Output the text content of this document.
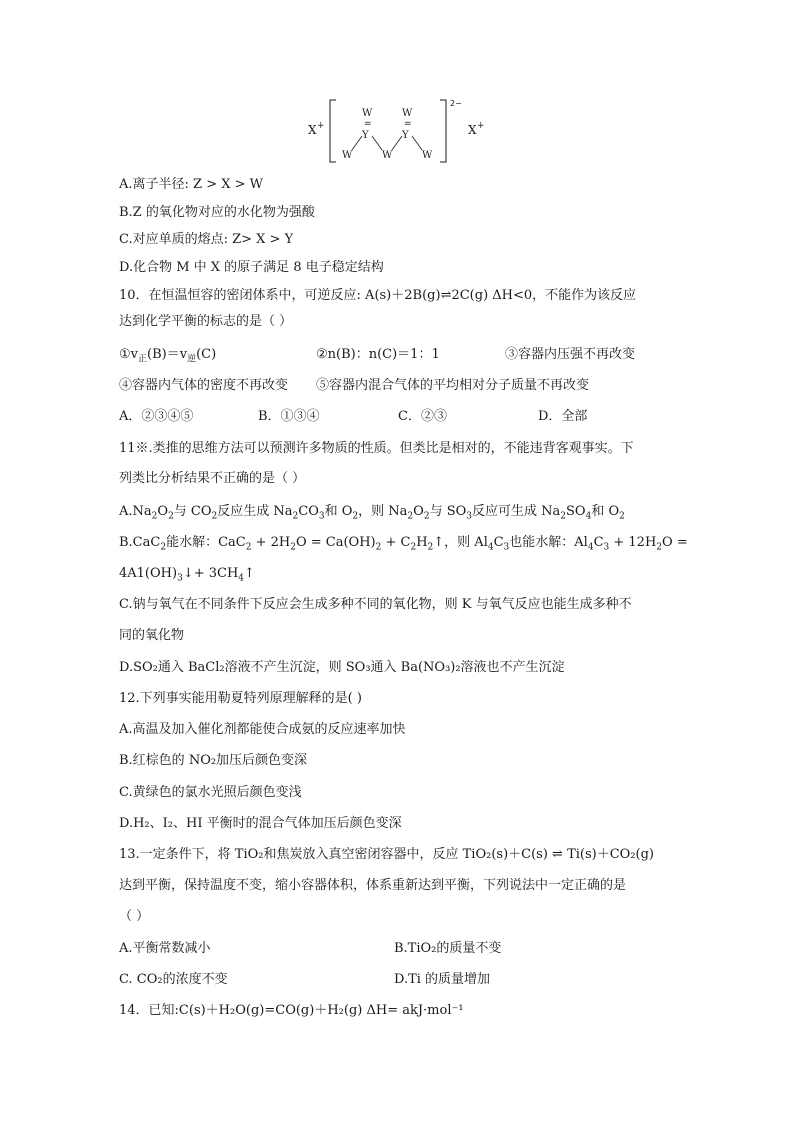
X +
2−
X +
W
=
Y
W
=
Y
W	W	W
A.离子半径: Z > X > W
B.Z 的氧化物对应的水化物为强酸
C.对应单质的熔点: Z> X > Y
D.化合物 M 中 X 的原子满足 8 电子稳定结构
10．在恒温恒容的密闭体系中，可逆反应: A(s)＋2B(g)⇌2C(g) ΔH<0，不能作为该反应
达到化学平衡的标志的是（ ）
$①v_正(B)=v_逆(C)$	②n(B)：n(C)＝1：1	③容器内压强不再改变
④容器内气体的密度不再改变 ⑤容器内混合气体的平均相对分子质量不再改变
A．②③④⑤	B．①③④	C．②③	D．全部
11※.类推的思维方法可以预测许多物质的性质。但类比是相对的，不能违背客观事实。下
列类比分析结果不正确的是（ ）
$A.Na_2O_2$与 $CO_2$反应生成 $Na_2CO_3$和 $O_2$，则 $Na_2O_2$与 $SO_3$反应可生成 $Na_2SO_4$和 $O_2$
B.CaC$_2$能水解：$CaC_2 + 2H_2O = Ca(OH)_2$ + $C_2H_2↑$，则 $Al_4C_3$也能水解：$Al_4C_3 + 12H_2O$ =
$4A1(OH)_3↓+$ $3CH_4↑$
C.钠与氧气在不同条件下反应会生成多种不同的氧化物，则 K 与氧气反应也能生成多种不
同的氧化物
D.SO₂通入 BaCl₂溶液不产生沉淀，则 SO₃通入 Ba(NO₃)₂溶液也不产生沉淀
12.下列事实能用勒夏特列原理解释的是( )
A.高温及加入催化剂都能使合成氨的反应速率加快
B.红棕色的 NO₂加压后颜色变深
C.黄绿色的氯水光照后颜色变浅
D.H₂、I₂、HI 平衡时的混合气体加压后颜色变深
13.一定条件下，将 TiO₂和焦炭放入真空密闭容器中，反应 TiO₂(s)＋C(s) ⇌ Ti(s)＋CO₂(g)
达到平衡，保持温度不变，缩小容器体积，体系重新达到平衡，下列说法中一定正确的是
（ ）
A.平衡常数减小	B.TiO₂的质量不变
C. CO₂的浓度不变	D.Ti 的质量增加
14．已知:C(s)＋H₂O(g)=CO(g)＋H₂(g) ΔH= akJ·mol⁻¹
